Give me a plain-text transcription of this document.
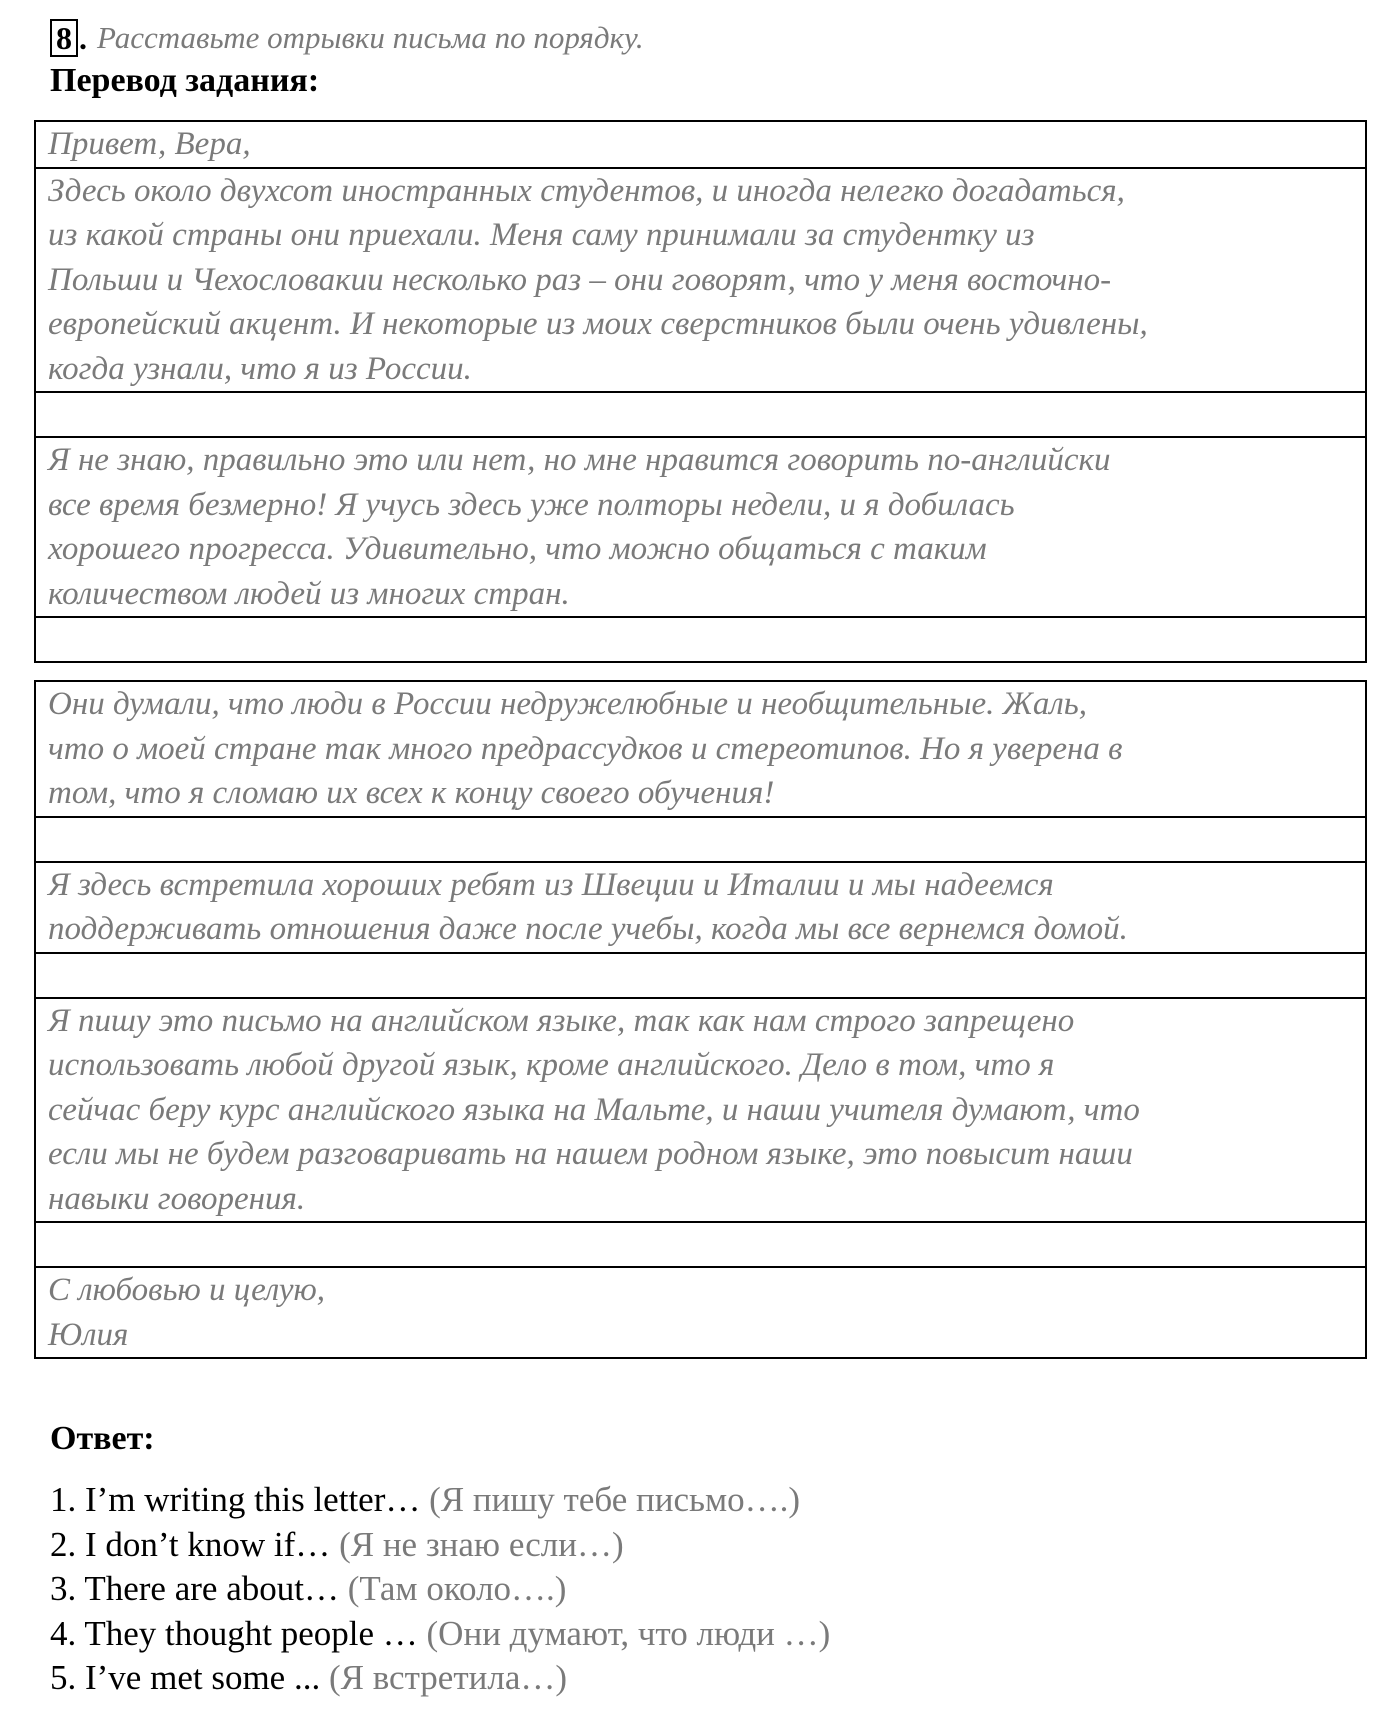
8 . Расставьте отрывки письма по порядку.
Перевод задания:
Привет, Вера,

Здесь около двухсот иностранных студентов, и иногда нелегко догадаться,
из какой страны они приехали. Меня саму принимали за студентку из
Польши и Чехословакии несколько раз – они говорят, что у меня восточно-
европейский акцент. И некоторые из моих сверстников были очень удивлены,
когда узнали, что я из России.

Я не знаю, правильно это или нет, но мне нравится говорить по-английски
все время безмерно! Я учусь здесь уже полторы недели, и я добилась
хорошего прогресса. Удивительно, что можно общаться с таким
количеством людей из многих стран.

Они думали, что люди в России недружелюбные и необщительные. Жаль,
что о моей стране так много предрассудков и стереотипов. Но я уверена в
том, что я сломаю их всех к концу своего обучения!

Я здесь встретила хороших ребят из Швеции и Италии и мы надеемся
поддерживать отношения даже после учебы, когда мы все вернемся домой.

Я пишу это письмо на английском языке, так как нам строго запрещено
использовать любой другой язык, кроме английского. Дело в том, что я
сейчас беру курс английского языка на Мальте, и наши учителя думают, что
если мы не будем разговаривать на нашем родном языке, это повысит наши
навыки говорения.

С любовью и целую,
Юлия
Ответ:
1. I’m writing this letter… (Я пишу тебе письмо….)
2. I don’t know if… (Я не знаю если…)
3. There are about… (Там около….)
4. They thought people … (Они думают, что люди …)
5. I’ve met some ... (Я встретила…)
